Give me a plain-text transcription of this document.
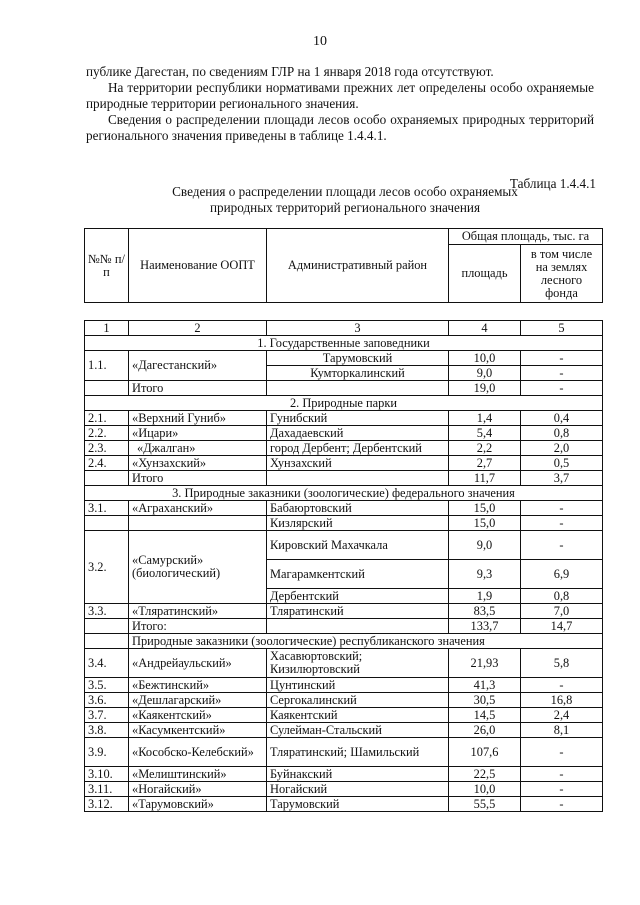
10
публике Дагестан, по сведениям ГЛР на 1 января 2018 года отсутствуют.
На территории республики нормативами прежних лет определены особо охраняемые природные территории регионального значения.
Сведения о распределении площади лесов особо охраняемых природных территорий регионального значения приведены в таблице 1.4.4.1.
Таблица 1.4.4.1
Сведения о распределении площади лесов особо охраняемых
природных территорий регионального значения
№№ п/п	Наименование ООПТ	Административный район	Общая площадь, тыс. га	
			площадь	в том числе на землях лесного фонда
1	2	3	4	5
1. Государственные заповедники				
1.1.	«Дагестанский»	Тарумовский	10,0	-
		Кумторкалинский	9,0	-
	Итого		19,0	-
2. Природные парки				
2.1.	«Верхний Гуниб»	Гунибский	1,4	0,4
2.2.	«Ицари»	Дахадаевский	5,4	0,8
2.3.	«Джалган»	город Дербент; Дербентский	2,2	2,0
2.4.	«Хунзахский»	Хунзахский	2,7	0,5
	Итого		11,7	3,7
3. Природные заказники (зоологические) федерального значения				
3.1.	«Аграханский»	Бабаюртовский	15,0	-
		Кизлярский	15,0	-
3.2.	«Самурский» (биологический)	Кировский Махачкала	9,0	-
		Магарамкентский	9,3	6,9
		Дербентский	1,9	0,8
3.3.	«Тляратинский»	Тляратинский	83,5	7,0
	Итого:		133,7	14,7
	Природные заказники (зоологические) республиканского значения			
3.4.	«Андрейаульский»	Хасавюртовский; Кизилюртовский	21,93	5,8
3.5.	«Бежтинский»	Цунтинский	41,3	-
3.6.	«Дешлагарский»	Сергокалинский	30,5	16,8
3.7.	«Каякентский»	Каякентский	14,5	2,4
3.8.	«Касумкентский»	Сулейман-Стальский	26,0	8,1
3.9.	«Кособско-Келебский»	Тляратинский; Шамильский	107,6	-
3.10.	«Мелиштинский»	Буйнакский	22,5	-
3.11.	«Ногайский»	Ногайский	10,0	-
3.12.	«Тарумовский»	Тарумовский	55,5	-
